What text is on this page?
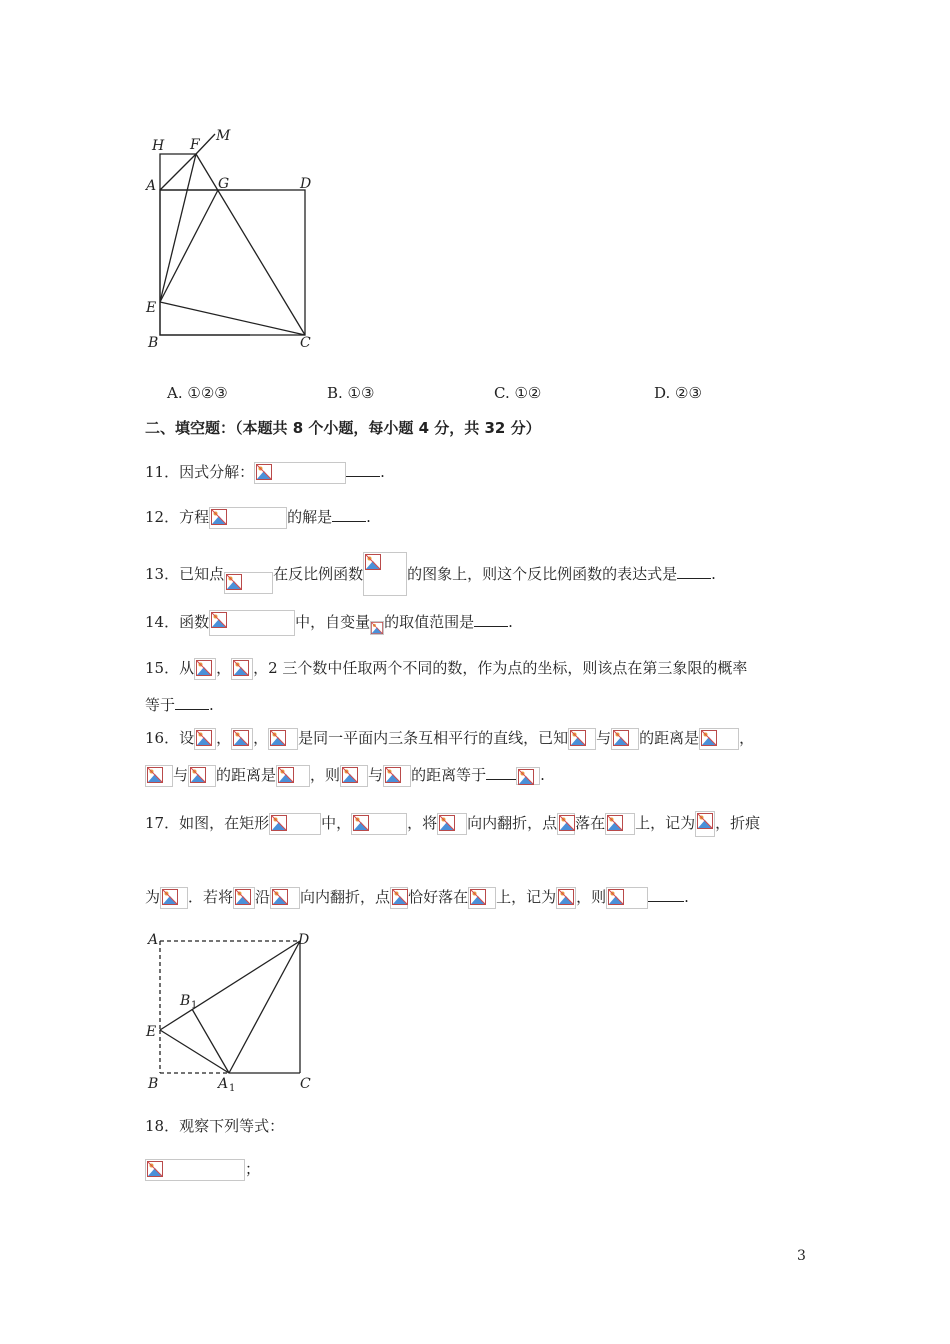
H F
M
A	G	D
E
B	C
A. ①②③	B. ①③	C. ①②	D. ②③
二、填空题：（本题共 8 个小题，每小题 4 分，共 32 分）
11．因式分解：	.
12．方程	的解是 .
13．已知点	在反比例函数	的图象上，则这个反比例函数的表达式是 .
14．函数	中，自变量 的取值范围是 .
15．从 ， ，2 三个数中任取两个不同的数，作为点的坐标，则该点在第三象限的概率
等于 .
16．设 ， ， 是同一平面内三条互相平行的直线，已知 与 的距离是	，
与 的距离是 ，则 与 的距离等于	.
17．如图，在矩形	中，	，将 向内翻折，点 落在 上，记为 ，折痕
为 ．若将 沿 向内翻折，点 恰好落在 上，记为 ，则	.
A	D
B 1
E
B	A 1	C
18．观察下列等式：
；
3
